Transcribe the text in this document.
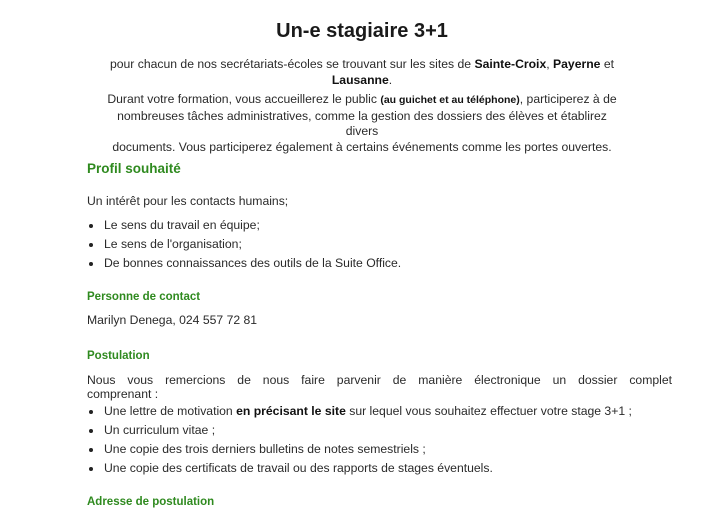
Un-e stagiaire 3+1

pour chacun de nos secrétariats-écoles se trouvant sur les sites de Sainte-Croix, Payerne et
Lausanne.

Durant votre formation, vous accueillerez le public (au guichet et au téléphone), participerez à de
nombreuses tâches administratives, comme la gestion des dossiers des élèves et établirez divers
documents. Vous participerez également à certains événements comme les portes ouvertes.

Profil souhaité

Un intérêt pour les contacts humains;

Le sens du travail en équipe;
Le sens de l'organisation;
De bonnes connaissances des outils de la Suite Office.

Personne de contact

Marilyn Denega, 024 557 72 81

Postulation

Nous vous remercions de nous faire parvenir de manière électronique un dossier complet

comprenant :

Une lettre de motivation en précisant le site sur lequel vous souhaitez effectuer votre stage 3+1 ;
Un curriculum vitae ;
Une copie des trois derniers bulletins de notes semestriels ;
Une copie des certificats de travail ou des rapports de stages éventuels.

Adresse de postulation
